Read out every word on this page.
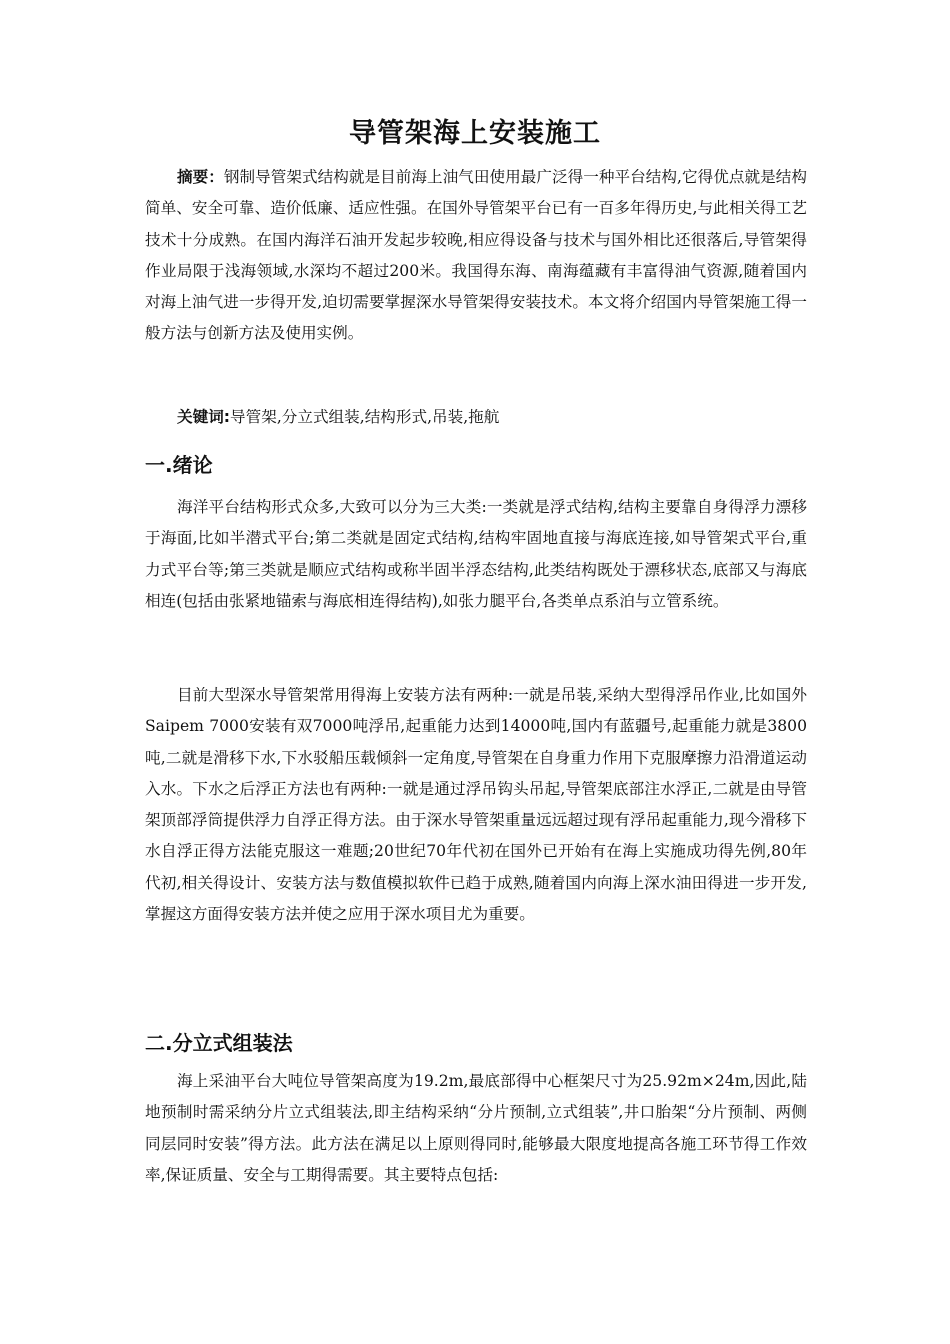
导管架海上安装施工

摘要：钢制导管架式结构就是目前海上油气田使用最广泛得一种平台结构,它得优点就是结构简单、安全可靠、造价低廉、适应性强。在国外导管架平台已有一百多年得历史,与此相关得工艺技术十分成熟。在国内海洋石油开发起步较晚,相应得设备与技术与国外相比还很落后,导管架得作业局限于浅海领域,水深均不超过200米。我国得东海、南海蕴藏有丰富得油气资源,随着国内对海上油气进一步得开发,迫切需要掌握深水导管架得安装技术。本文将介绍国内导管架施工得一般方法与创新方法及使用实例。

关键词:导管架,分立式组装,结构形式,吊装,拖航

一.绪论

海洋平台结构形式众多,大致可以分为三大类:一类就是浮式结构,结构主要靠自身得浮力漂移于海面,比如半潜式平台;第二类就是固定式结构,结构牢固地直接与海底连接,如导管架式平台,重力式平台等;第三类就是顺应式结构或称半固半浮态结构,此类结构既处于漂移状态,底部又与海底相连(包括由张紧地锚索与海底相连得结构),如张力腿平台,各类单点系泊与立管系统。

目前大型深水导管架常用得海上安装方法有两种:一就是吊装,采纳大型得浮吊作业,比如国外Saipem 7000安装有双7000吨浮吊,起重能力达到14000吨,国内有蓝疆号,起重能力就是3800吨,二就是滑移下水,下水驳船压载倾斜一定角度,导管架在自身重力作用下克服摩擦力沿滑道运动入水。下水之后浮正方法也有两种:一就是通过浮吊钩头吊起,导管架底部注水浮正,二就是由导管架顶部浮筒提供浮力自浮正得方法。由于深水导管架重量远远超过现有浮吊起重能力,现今滑移下水自浮正得方法能克服这一难题;20世纪70年代初在国外已开始有在海上实施成功得先例,80年代初,相关得设计、安装方法与数值模拟软件已趋于成熟,随着国内向海上深水油田得进一步开发,掌握这方面得安装方法并使之应用于深水项目尤为重要。

二.分立式组装法

海上采油平台大吨位导管架高度为19.2m,最底部得中心框架尺寸为25.92m×24m,因此,陆地预制时需采纳分片立式组装法,即主结构采纳“分片预制,立式组装”,井口胎架“分片预制、两侧同层同时安装”得方法。此方法在满足以上原则得同时,能够最大限度地提高各施工环节得工作效率,保证质量、安全与工期得需要。其主要特点包括:
